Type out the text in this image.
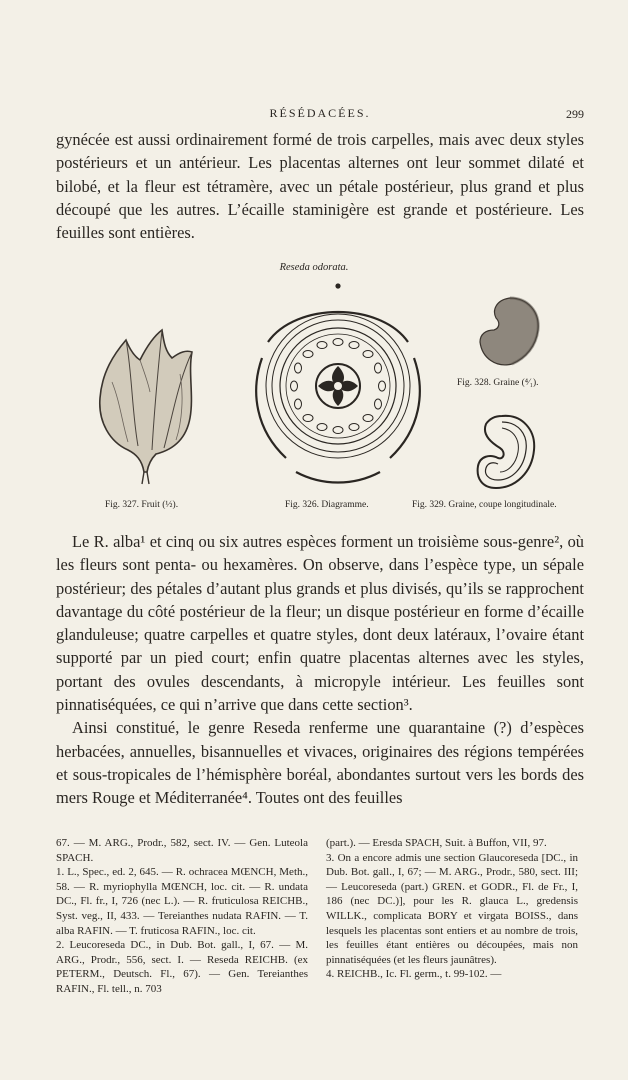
RÉSÉDACÉES.	299

gynécée est aussi ordinairement formé de trois carpelles, mais avec deux styles postérieurs et un antérieur. Les placentas alternes ont leur sommet dilaté et bilobé, et la fleur est tétramère, avec un pétale postérieur, plus grand et plus découpé que les autres. L’écaille staminigère est grande et postérieure. Les feuilles sont entières.

Reseda odorata.
Fig. 327. Fruit (½).	Fig. 326. Diagramme.
Fig. 328. Graine (⁴⁄₁).
Fig. 329. Graine, coupe longitudinale.

Le R. alba¹ et cinq ou six autres espèces forment un troisième sous-genre², où les fleurs sont penta- ou hexamères. On observe, dans l’espèce type, un sépale postérieur; des pétales d’autant plus grands et plus divisés, qu’ils se rapprochent davantage du côté postérieur de la fleur; un disque postérieur en forme d’écaille glanduleuse; quatre carpelles et quatre styles, dont deux latéraux, l’ovaire étant supporté par un pied court; enfin quatre placentas alternes avec les styles, portant des ovules descendants, à micropyle intérieur. Les feuilles sont pinnatiséquées, ce qui n’arrive que dans cette section³.

Ainsi constitué, le genre Reseda renferme une quarantaine (?) d’espèces herbacées, annuelles, bisannuelles et vivaces, originaires des régions tempérées et sous-tropicales de l’hémisphère boréal, abondantes surtout vers les bords des mers Rouge et Méditerranée⁴. Toutes ont des feuilles

67. — M. ARG., Prodr., 582, sect. IV. — Gen. Luteola SPACH.

1. L., Spec., ed. 2, 645. — R. ochracea MŒNCH, Meth., 58. — R. myriophylla MŒNCH, loc. cit. — R. undata DC., Fl. fr., I, 726 (nec L.). — R. fruticulosa REICHB., Syst. veg., II, 433. — Tereianthes nudata RAFIN. — T. alba RAFIN. — T. fruticosa RAFIN., loc. cit.

2. Leucoreseda DC., in Dub. Bot. gall., I, 67. — M. ARG., Prodr., 556, sect. I. — Reseda REICHB. (ex PETERM., Deutsch. Fl., 67). — Gen. Tereianthes RAFIN., Fl. tell., n. 703

(part.). — Eresda SPACH, Suit. à Buffon, VII, 97.

3. On a encore admis une section Glaucoreseda [DC., in Dub. Bot. gall., I, 67; — M. ARG., Prodr., 580, sect. III; — Leucoreseda (part.) GREN. et GODR., Fl. de Fr., I, 186 (nec DC.)], pour les R. glauca L., gredensis WILLK., complicata BORY et virgata BOISS., dans lesquels les placentas sont entiers et au nombre de trois, les feuilles étant entières ou découpées, mais non pinnatiséquées (et les fleurs jaunâtres).

4. REICHB., Ic. Fl. germ., t. 99-102. —
